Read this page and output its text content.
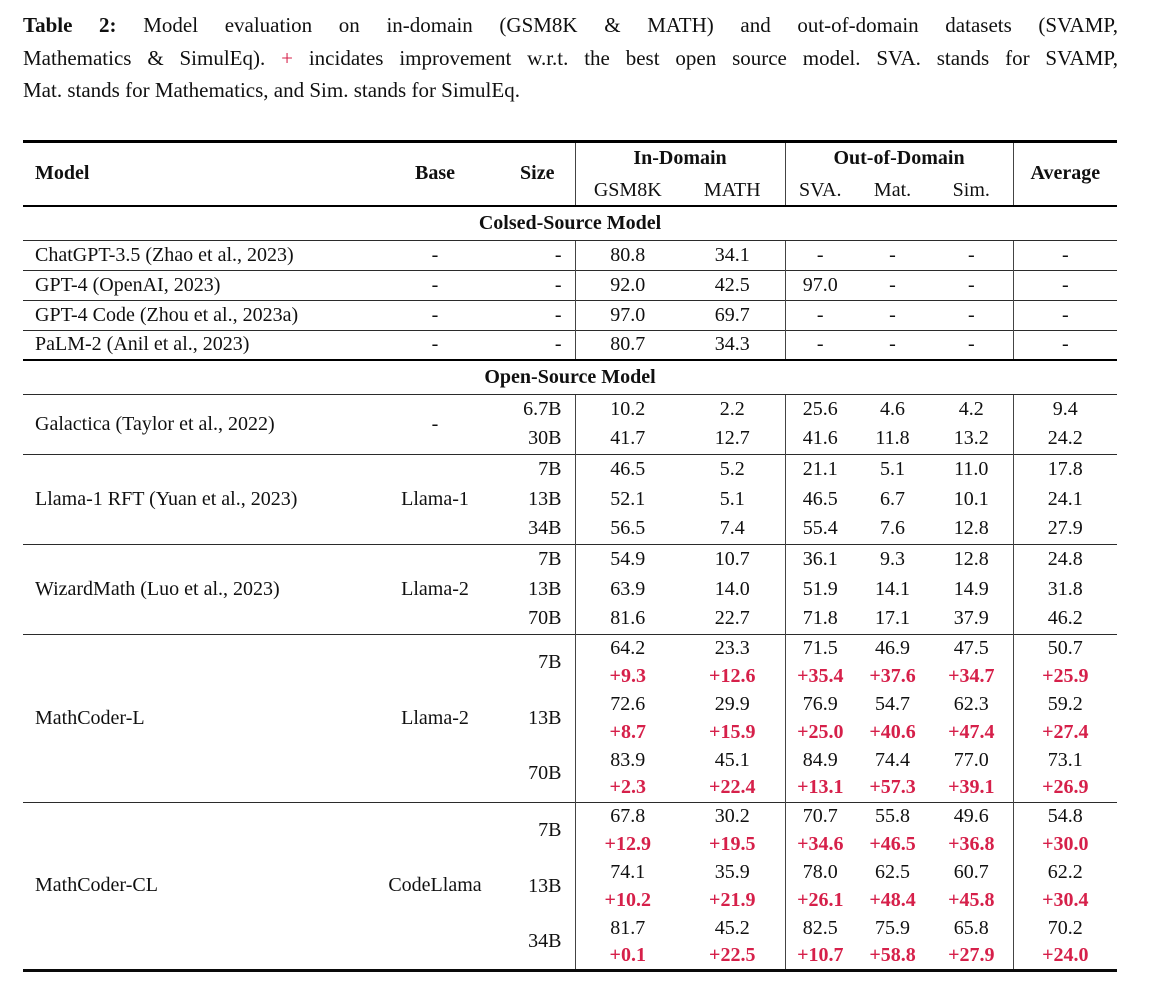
Table 2: Model evaluation on in-domain (GSM8K & MATH) and out-of-domain datasets (SVAMP,
Mathematics & SimulEq). + incidates improvement w.r.t. the best open source model. SVA. stands for SVAMP,
Mat. stands for Mathematics, and Sim. stands for SimulEq.
Model	Base	Size	In-Domain		Out-of-Domain			Average
			GSM8K	MATH	SVA.	Mat.	Sim.	
Colsed-Source Model								
ChatGPT-3.5 (Zhao et al., 2023)	-	-	80.8	34.1	-	-	-	-
GPT-4 (OpenAI, 2023)	-	-	92.0	42.5	97.0	-	-	-
GPT-4 Code (Zhou et al., 2023a)	-	-	97.0	69.7	-	-	-	-
PaLM-2 (Anil et al., 2023)	-	-	80.7	34.3	-	-	-	-
Open-Source Model								
Galactica (Taylor et al., 2022)	-	6.7B	10.2	2.2	25.6	4.6	4.2	9.4
		30B	41.7	12.7	41.6	11.8	13.2	24.2
Llama-1 RFT (Yuan et al., 2023)	Llama-1	7B	46.5	5.2	21.1	5.1	11.0	17.8
		13B	52.1	5.1	46.5	6.7	10.1	24.1
		34B	56.5	7.4	55.4	7.6	12.8	27.9
WizardMath (Luo et al., 2023)	Llama-2	7B	54.9	10.7	36.1	9.3	12.8	24.8
		13B	63.9	14.0	51.9	14.1	14.9	31.8
		70B	81.6	22.7	71.8	17.1	37.9	46.2
MathCoder-L	Llama-2	7B	64.2	23.3	71.5	46.9	47.5	50.7
			+9.3	+12.6	+35.4	+37.6	+34.7	+25.9
		13B	72.6	29.9	76.9	54.7	62.3	59.2
			+8.7	+15.9	+25.0	+40.6	+47.4	+27.4
		70B	83.9	45.1	84.9	74.4	77.0	73.1
			+2.3	+22.4	+13.1	+57.3	+39.1	+26.9
MathCoder-CL	CodeLlama	7B	67.8	30.2	70.7	55.8	49.6	54.8
			+12.9	+19.5	+34.6	+46.5	+36.8	+30.0
		13B	74.1	35.9	78.0	62.5	60.7	62.2
			+10.2	+21.9	+26.1	+48.4	+45.8	+30.4
		34B	81.7	45.2	82.5	75.9	65.8	70.2
			+0.1	+22.5	+10.7	+58.8	+27.9	+24.0
